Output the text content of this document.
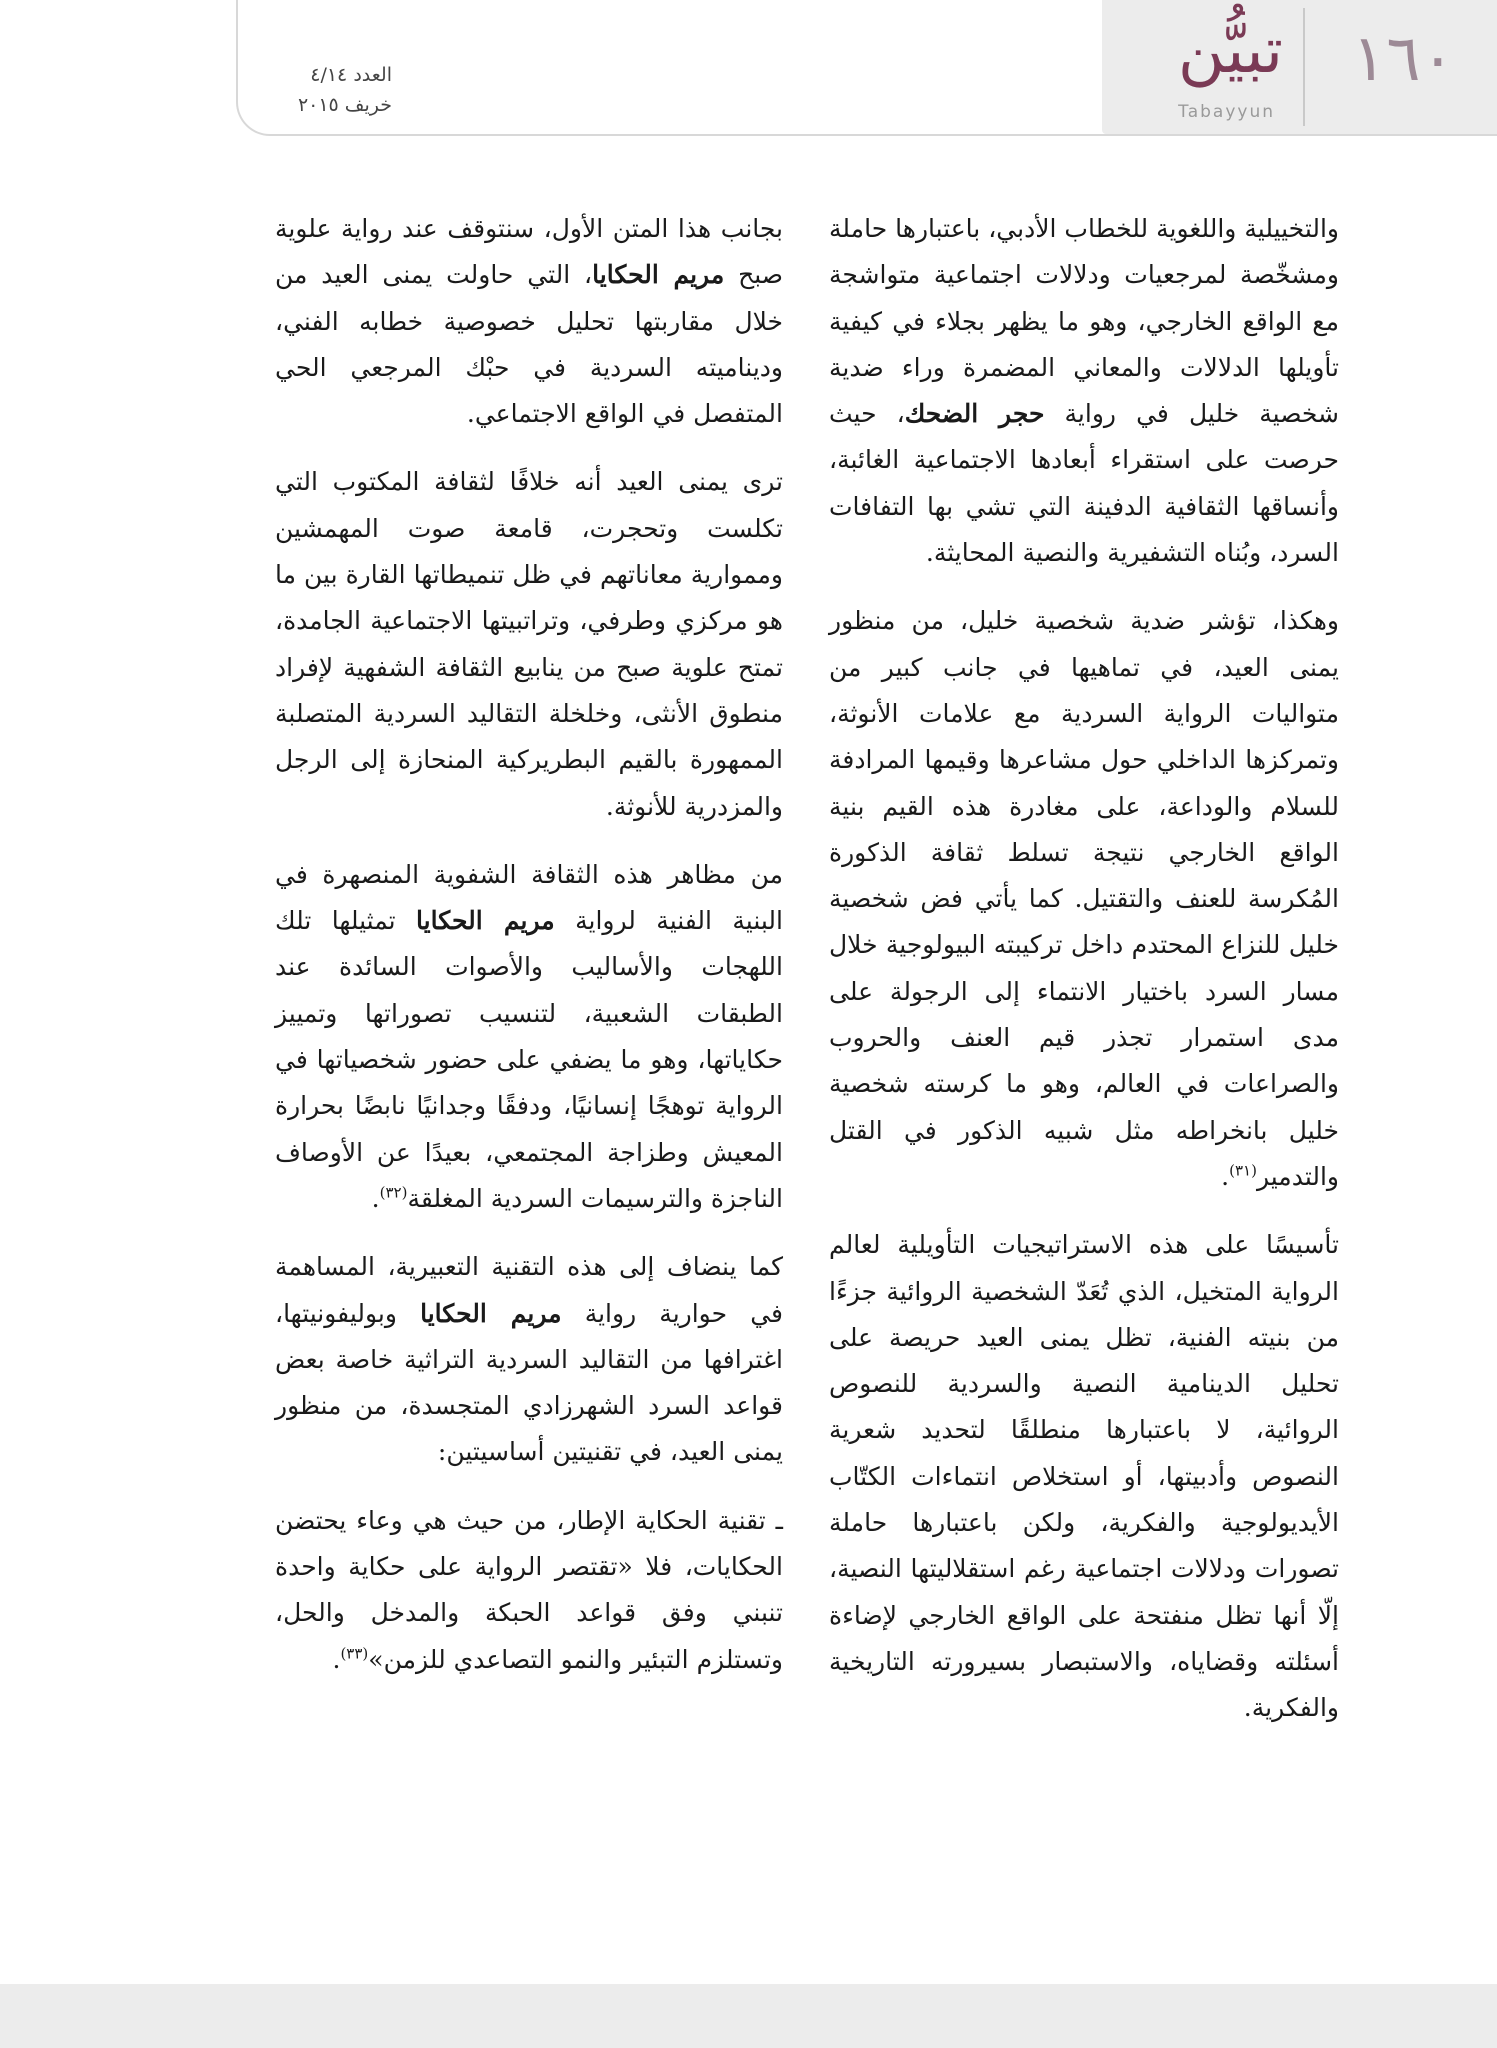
١٦٠
تبيُّن
Tabayyun
العدد ٤/١٤
خريف ٢٠١٥

والتخييلية واللغوية للخطاب الأدبي، باعتبارها حاملة ومشخّصة لمرجعيات ودلالات اجتماعية متواشجة مع الواقع الخارجي، وهو ما يظهر بجلاء في كيفية تأويلها الدلالات والمعاني المضمرة وراء ضدية شخصية خليل في رواية حجر الضحك، حيث حرصت على استقراء أبعادها الاجتماعية الغائبة، وأنساقها الثقافية الدفينة التي تشي بها التفافات السرد، وبُناه التشفيرية والنصية المحايثة.

وهكذا، تؤشر ضدية شخصية خليل، من منظور يمنى العيد، في تماهيها في جانب كبير من متواليات الرواية السردية مع علامات الأنوثة، وتمركزها الداخلي حول مشاعرها وقيمها المرادفة للسلام والوداعة، على مغادرة هذه القيم بنية الواقع الخارجي نتيجة تسلط ثقافة الذكورة المُكرسة للعنف والتقتيل. كما يأتي فض شخصية خليل للنزاع المحتدم داخل تركيبته البيولوجية خلال مسار السرد باختيار الانتماء إلى الرجولة على مدى استمرار تجذر قيم العنف والحروب والصراعات في العالم، وهو ما كرسته شخصية خليل بانخراطه مثل شبيه الذكور في القتل والتدمير$^{(٣١)}$.

تأسيسًا على هذه الاستراتيجيات التأويلية لعالم الرواية المتخيل، الذي تُعَدّ الشخصية الروائية جزءًا من بنيته الفنية، تظل يمنى العيد حريصة على تحليل الدينامية النصية والسردية للنصوص الروائية، لا باعتبارها منطلقًا لتحديد شعرية النصوص وأدبيتها، أو استخلاص انتماءات الكتّاب الأيديولوجية والفكرية، ولكن باعتبارها حاملة تصورات ودلالات اجتماعية رغم استقلاليتها النصية، إلّا أنها تظل منفتحة على الواقع الخارجي لإضاءة أسئلته وقضاياه، والاستبصار بسيرورته التاريخية والفكرية.

بجانب هذا المتن الأول، سنتوقف عند رواية علوية صبح مريم الحكايا، التي حاولت يمنى العيد من خلال مقاربتها تحليل خصوصية خطابه الفني، وديناميته السردية في حبْك المرجعي الحي المتفصل في الواقع الاجتماعي.

ترى يمنى العيد أنه خلافًا لثقافة المكتوب التي تكلست وتحجرت، قامعة صوت المهمشين ومموارية معاناتهم في ظل تنميطاتها القارة بين ما هو مركزي وطرفي، وتراتبيتها الاجتماعية الجامدة، تمتح علوية صبح من ينابيع الثقافة الشفهية لإفراد منطوق الأنثى، وخلخلة التقاليد السردية المتصلبة الممهورة بالقيم البطريركية المنحازة إلى الرجل والمزدرية للأنوثة.

من مظاهر هذه الثقافة الشفوية المنصهرة في البنية الفنية لرواية مريم الحكايا تمثيلها تلك اللهجات والأساليب والأصوات السائدة عند الطبقات الشعبية، لتنسيب تصوراتها وتمييز حكاياتها، وهو ما يضفي على حضور شخصياتها في الرواية توهجًا إنسانيًا، ودفقًا وجدانيًا نابضًا بحرارة المعيش وطزاجة المجتمعي، بعيدًا عن الأوصاف الناجزة والترسيمات السردية المغلقة$^{(٣٢)}$.

كما ينضاف إلى هذه التقنية التعبيرية، المساهمة في حوارية رواية مريم الحكايا وبوليفونيتها، اغترافها من التقاليد السردية التراثية خاصة بعض قواعد السرد الشهرزادي المتجسدة، من منظور يمنى العيد، في تقنيتين أساسيتين:

ـ تقنية الحكاية الإطار، من حيث هي وعاء يحتضن الحكايات، فلا «تقتصر الرواية على حكاية واحدة تنبني وفق قواعد الحبكة والمدخل والحل، وتستلزم التبئير والنمو التصاعدي للزمن»$^{(٣٣)}$.
